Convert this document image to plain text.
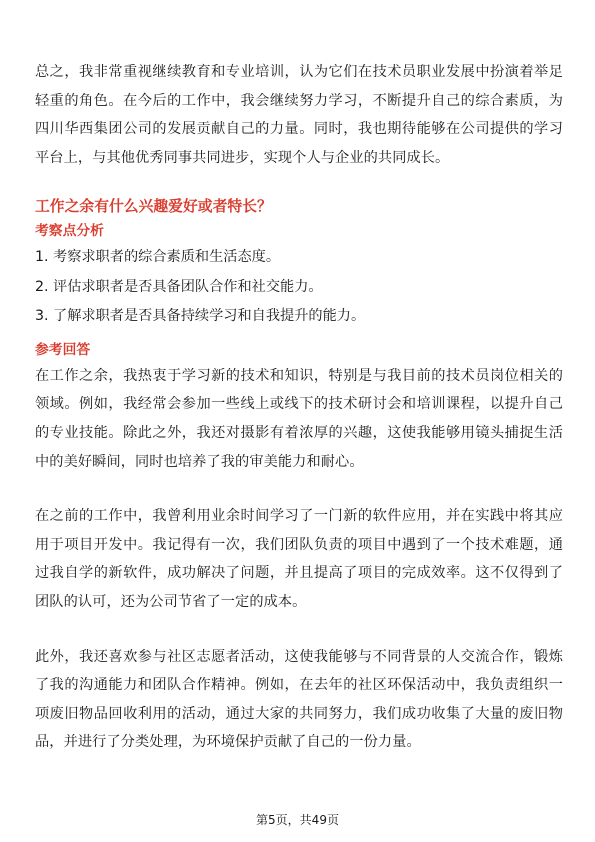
总之，我非常重视继续教育和专业培训，认为它们在技术员职业发展中扮演着举足轻重的角色。在今后的工作中，我会继续努力学习，不断提升自己的综合素质，为四川华西集团公司的发展贡献自己的力量。同时，我也期待能够在公司提供的学习平台上，与其他优秀同事共同进步，实现个人与企业的共同成长。

工作之余有什么兴趣爱好或者特长？

考察点分析

1. 考察求职者的综合素质和生活态度。

2. 评估求职者是否具备团队合作和社交能力。

3. 了解求职者是否具备持续学习和自我提升的能力。

参考回答

在工作之余，我热衷于学习新的技术和知识，特别是与我目前的技术员岗位相关的领域。例如，我经常会参加一些线上或线下的技术研讨会和培训课程，以提升自己的专业技能。除此之外，我还对摄影有着浓厚的兴趣，这使我能够用镜头捕捉生活中的美好瞬间，同时也培养了我的审美能力和耐心。

在之前的工作中，我曾利用业余时间学习了一门新的软件应用，并在实践中将其应用于项目开发中。我记得有一次，我们团队负责的项目中遇到了一个技术难题，通过我自学的新软件，成功解决了问题，并且提高了项目的完成效率。这不仅得到了团队的认可，还为公司节省了一定的成本。

此外，我还喜欢参与社区志愿者活动，这使我能够与不同背景的人交流合作，锻炼了我的沟通能力和团队合作精神。例如，在去年的社区环保活动中，我负责组织一项废旧物品回收利用的活动，通过大家的共同努力，我们成功收集了大量的废旧物品，并进行了分类处理，为环境保护贡献了自己的一份力量。

第5页，共49页
